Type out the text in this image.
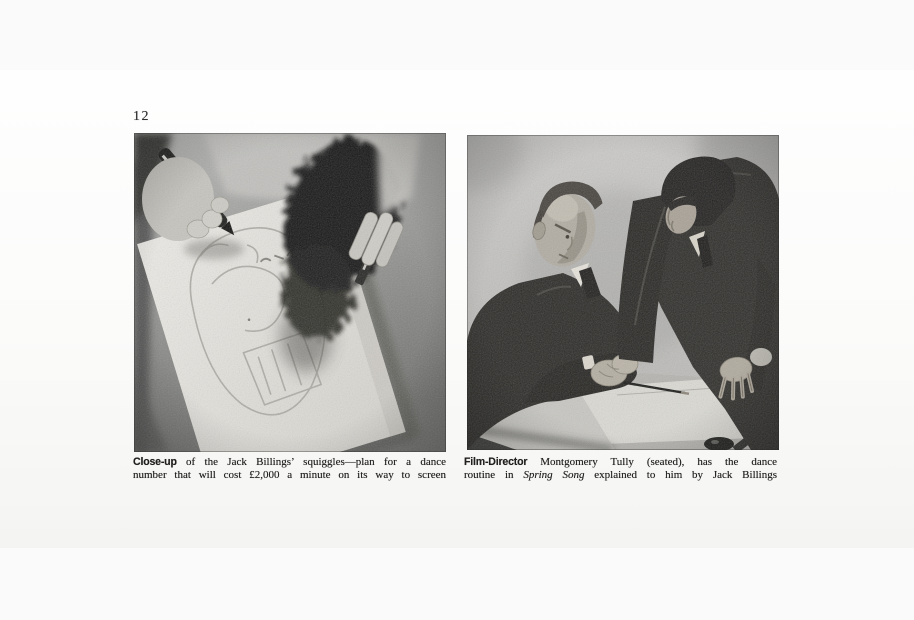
12
Close-up of the Jack Billings’ squiggles—plan for a dance
number that will cost £2,000 a minute on its way to screen
Film-Director Montgomery Tully (seated), has the dance
routine in Spring Song explained to him by Jack Billings
